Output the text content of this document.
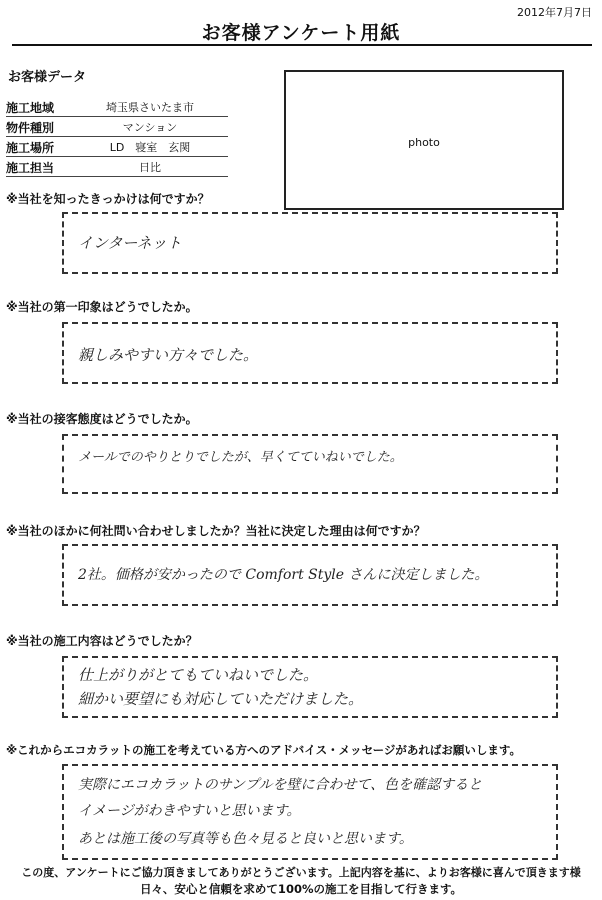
2012年7月7日
お客様アンケート用紙
お客様データ
施工地域	埼玉県さいたま市
物件種別	マンション
施工場所	LD　寝室　玄関
施工担当	日比
photo
※当社を知ったきっかけは何ですか？
インターネット
※当社の第一印象はどうでしたか。
親しみやすい方々でした。
※当社の接客態度はどうでしたか。
メールでのやりとりでしたが、早くてていねいでした。
※当社のほかに何社問い合わせしましたか？当社に決定した理由は何ですか？
2社。価格が安かったので Comfort Style さんに決定しました。
※当社の施工内容はどうでしたか？
仕上がりがとてもていねいでした。
細かい要望にも対応していただけました。
※これからエコカラットの施工を考えている方へのアドバイス・メッセージがあればお願いします。
実際にエコカラットのサンプルを壁に合わせて、色を確認すると
イメージがわきやすいと思います。
あとは施工後の写真等も色々見ると良いと思います。
この度、アンケートにご協力頂きましてありがとうございます。上記内容を基に、よりお客様に喜んで頂きます様
日々、安心と信頼を求めて100%の施工を目指して行きます。
